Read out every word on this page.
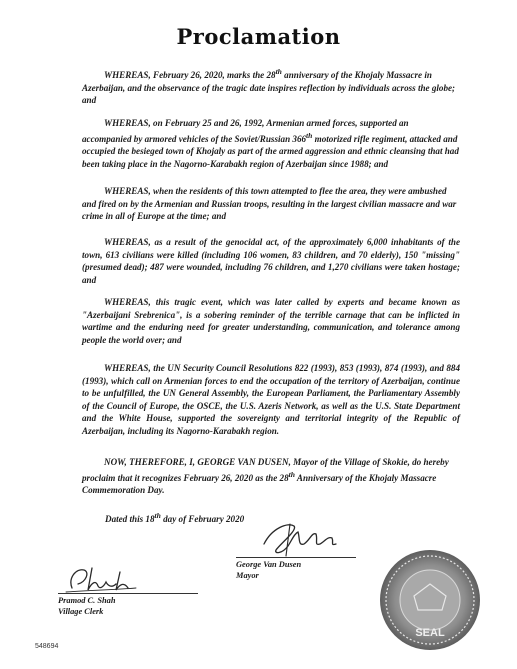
Proclamation

WHEREAS, February 26, 2020, marks the 28th anniversary of the Khojaly Massacre in Azerbaijan, and the observance of the tragic date inspires reflection by individuals across the globe; and

WHEREAS, on February 25 and 26, 1992, Armenian armed forces, supported an accompanied by armored vehicles of the Soviet/Russian 366th motorized rifle regiment, attacked and occupied the besieged town of Khojaly as part of the armed aggression and ethnic cleansing that had been taking place in the Nagorno-Karabakh region of Azerbaijan since 1988; and

WHEREAS, when the residents of this town attempted to flee the area, they were ambushed and fired on by the Armenian and Russian troops, resulting in the largest civilian massacre and war crime in all of Europe at the time; and

WHEREAS, as a result of the genocidal act, of the approximately 6,000 inhabitants of the town, 613 civilians were killed (including 106 women, 83 children, and 70 elderly), 150 "missing" (presumed dead); 487 were wounded, including 76 children, and 1,270 civilians were taken hostage; and

WHEREAS, this tragic event, which was later called by experts and became known as "Azerbaijani Srebrenica", is a sobering reminder of the terrible carnage that can be inflicted in wartime and the enduring need for greater understanding, communication, and tolerance among people the world over; and

WHEREAS, the UN Security Council Resolutions 822 (1993), 853 (1993), 874 (1993), and 884 (1993), which call on Armenian forces to end the occupation of the territory of Azerbaijan, continue to be unfulfilled, the UN General Assembly, the European Parliament, the Parliamentary Assembly of the Council of Europe, the OSCE, the U.S. Azeris Network, as well as the U.S. State Department and the White House, supported the sovereignty and territorial integrity of the Republic of Azerbaijan, including its Nagorno-Karabakh region.

NOW, THEREFORE, I, GEORGE VAN DUSEN, Mayor of the Village of Skokie, do hereby proclaim that it recognizes February 26, 2020 as the 28th Anniversary of the Khojaly Massacre Commemoration Day.

Dated this 18th day of February 2020

George Van Dusen
Mayor
Pramod C. Shah
Village Clerk
SEAL
548694
